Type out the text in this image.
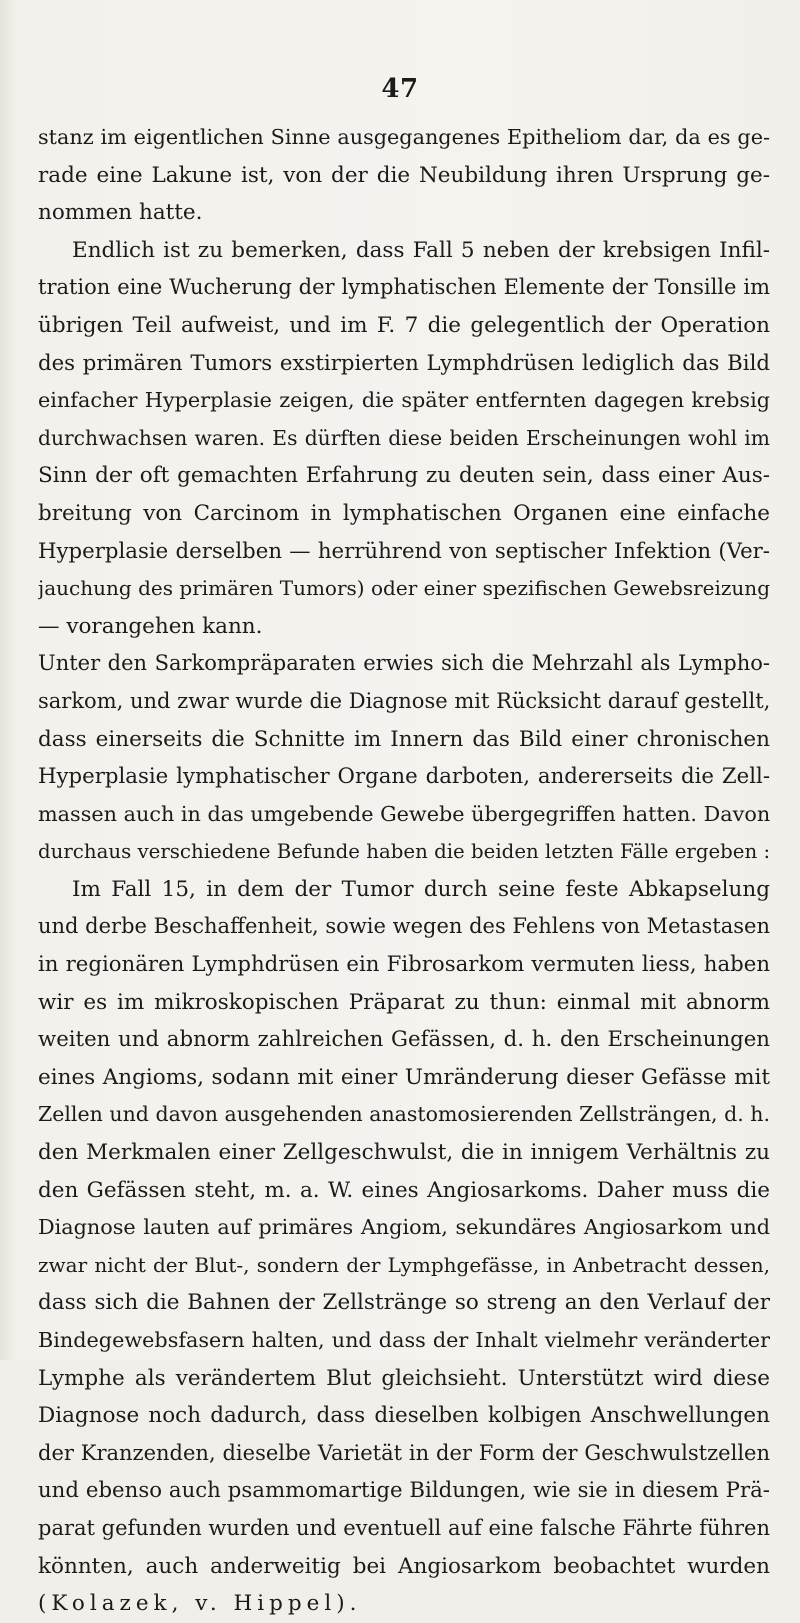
47
stanz im eigentlichen Sinne ausgegangenes Epitheliom dar, da es ge-
rade eine Lakune ist, von der die Neubildung ihren Ursprung ge-
nommen hatte.
Endlich ist zu bemerken, dass Fall 5 neben der krebsigen Infil-
tration eine Wucherung der lymphatischen Elemente der Tonsille im
übrigen Teil aufweist, und im F. 7 die gelegentlich der Operation
des primären Tumors exstirpierten Lymphdrüsen lediglich das Bild
einfacher Hyperplasie zeigen, die später entfernten dagegen krebsig
durchwachsen waren. Es dürften diese beiden Erscheinungen wohl im
Sinn der oft gemachten Erfahrung zu deuten sein, dass einer Aus-
breitung von Carcinom in lymphatischen Organen eine einfache
Hyperplasie derselben — herrührend von septischer Infektion (Ver-
jauchung des primären Tumors) oder einer spezifischen Gewebsreizung
— vorangehen kann.
Unter den Sarkompräparaten erwies sich die Mehrzahl als Lympho-
sarkom, und zwar wurde die Diagnose mit Rücksicht darauf gestellt,
dass einerseits die Schnitte im Innern das Bild einer chronischen
Hyperplasie lymphatischer Organe darboten, andererseits die Zell-
massen auch in das umgebende Gewebe übergegriffen hatten. Davon
durchaus verschiedene Befunde haben die beiden letzten Fälle ergeben :
Im Fall 15, in dem der Tumor durch seine feste Abkapselung
und derbe Beschaffenheit, sowie wegen des Fehlens von Metastasen
in regionären Lymphdrüsen ein Fibrosarkom vermuten liess, haben
wir es im mikroskopischen Präparat zu thun: einmal mit abnorm
weiten und abnorm zahlreichen Gefässen, d. h. den Erscheinungen
eines Angioms, sodann mit einer Umränderung dieser Gefässe mit
Zellen und davon ausgehenden anastomosierenden Zellsträngen, d. h.
den Merkmalen einer Zellgeschwulst, die in innigem Verhältnis zu
den Gefässen steht, m. a. W. eines Angiosarkoms. Daher muss die
Diagnose lauten auf primäres Angiom, sekundäres Angiosarkom und
zwar nicht der Blut-, sondern der Lymphgefässe, in Anbetracht dessen,
dass sich die Bahnen der Zellstränge so streng an den Verlauf der
Bindegewebsfasern halten, und dass der Inhalt vielmehr veränderter
Lymphe als verändertem Blut gleichsieht. Unterstützt wird diese
Diagnose noch dadurch, dass dieselben kolbigen Anschwellungen
der Kranzenden, dieselbe Varietät in der Form der Geschwulstzellen
und ebenso auch psammomartige Bildungen, wie sie in diesem Prä-
parat gefunden wurden und eventuell auf eine falsche Fährte führen
könnten, auch anderweitig bei Angiosarkom beobachtet wurden
(Kolazek, v. Hippel).
